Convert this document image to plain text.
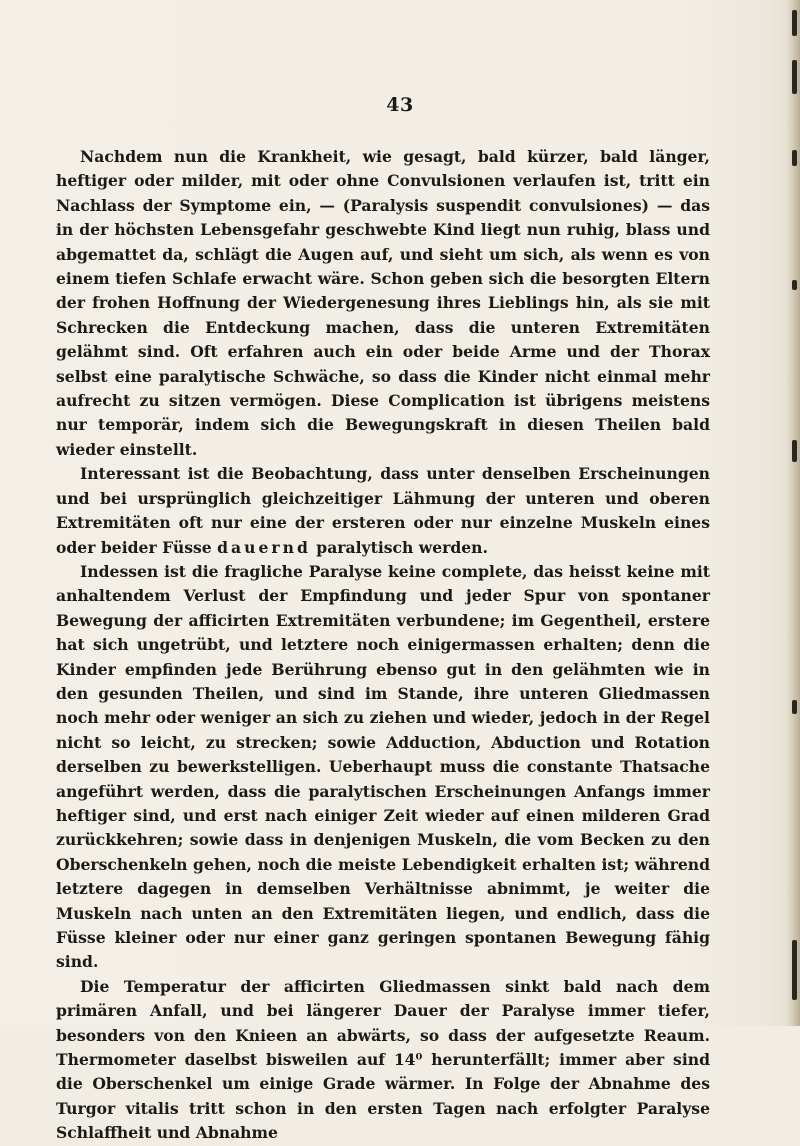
43

Nachdem nun die Krankheit, wie gesagt, bald kürzer, bald länger, heftiger oder milder, mit oder ohne Convulsionen verlaufen ist, tritt ein Nachlass der Symptome ein, — (Paralysis suspendit convulsiones) — das in der höchsten Lebensgefahr geschwebte Kind liegt nun ruhig, blass und abgemattet da, schlägt die Augen auf, und sieht um sich, als wenn es von einem tiefen Schlafe erwacht wäre. Schon geben sich die besorgten Eltern der frohen Hoffnung der Wiedergenesung ihres Lieblings hin, als sie mit Schrecken die Entdeckung machen, dass die unteren Extremitäten gelähmt sind. Oft erfahren auch ein oder beide Arme und der Thorax selbst eine paralytische Schwäche, so dass die Kinder nicht einmal mehr aufrecht zu sitzen vermögen. Diese Complication ist übrigens meistens nur temporär, indem sich die Bewegungskraft in diesen Theilen bald wieder einstellt.

Interessant ist die Beobachtung, dass unter denselben Erscheinungen und bei ursprünglich gleichzeitiger Lähmung der unteren und oberen Extremitäten oft nur eine der ersteren oder nur einzelne Muskeln eines oder beider Füsse dauernd paralytisch werden.

Indessen ist die fragliche Paralyse keine complete, das heisst keine mit anhaltendem Verlust der Empfindung und jeder Spur von spontaner Bewegung der afficirten Extremitäten verbundene; im Gegentheil, erstere hat sich ungetrübt, und letztere noch einigermassen erhalten; denn die Kinder empfinden jede Berührung ebenso gut in den gelähmten wie in den gesunden Theilen, und sind im Stande, ihre unteren Gliedmassen noch mehr oder weniger an sich zu ziehen und wieder, jedoch in der Regel nicht so leicht, zu strecken; sowie Adduction, Abduction und Rotation derselben zu bewerkstelligen. Ueberhaupt muss die constante Thatsache angeführt werden, dass die paralytischen Erscheinungen Anfangs immer heftiger sind, und erst nach einiger Zeit wieder auf einen milderen Grad zurückkehren; sowie dass in denjenigen Muskeln, die vom Becken zu den Oberschenkeln gehen, noch die meiste Lebendigkeit erhalten ist; während letztere dagegen in demselben Verhältnisse abnimmt, je weiter die Muskeln nach unten an den Extremitäten liegen, und endlich, dass die Füsse kleiner oder nur einer ganz geringen spontanen Bewegung fähig sind.

Die Temperatur der afficirten Gliedmassen sinkt bald nach dem primären Anfall, und bei längerer Dauer der Paralyse immer tiefer, besonders von den Knieen an abwärts, so dass der aufgesetzte Reaum. Thermometer daselbst bisweilen auf 14⁰ herunterfällt; immer aber sind die Oberschenkel um einige Grade wärmer. In Folge der Abnahme des Turgor vitalis tritt schon in den ersten Tagen nach erfolgter Paralyse Schlaffheit und Abnahme
